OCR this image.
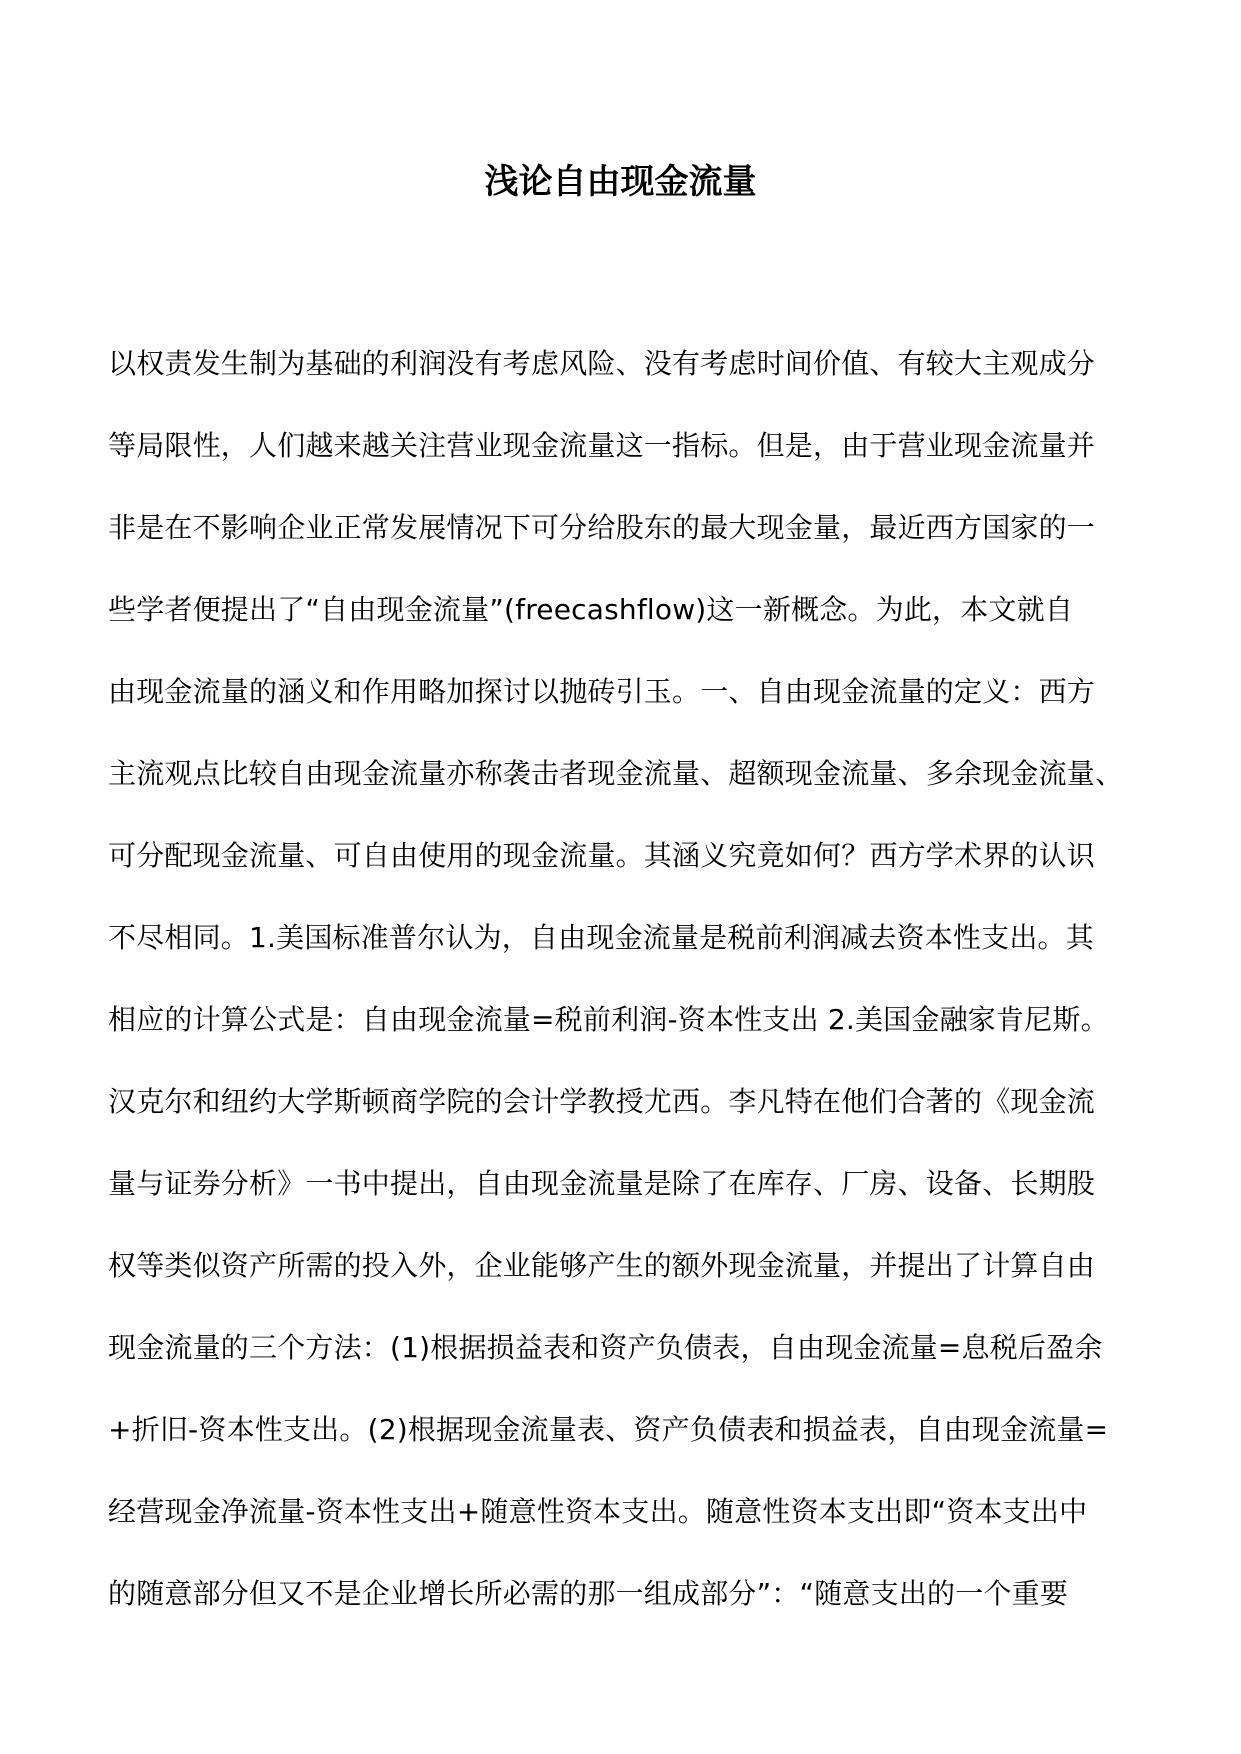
浅论自由现金流量
以权责发生制为基础的利润没有考虑风险、没有考虑时间价值、有较大主观成分
等局限性，人们越来越关注营业现金流量这一指标。但是，由于营业现金流量并
非是在不影响企业正常发展情况下可分给股东的最大现金量，最近西方国家的一
些学者便提出了“自由现金流量”(freecashflow)这一新概念。为此，本文就自
由现金流量的涵义和作用略加探讨以抛砖引玉。一、自由现金流量的定义：西方
主流观点比较自由现金流量亦称袭击者现金流量、超额现金流量、多余现金流量、
可分配现金流量、可自由使用的现金流量。其涵义究竟如何？西方学术界的认识
不尽相同。1.美国标准普尔认为，自由现金流量是税前利润减去资本性支出。其
相应的计算公式是：自由现金流量=税前利润-资本性支出 2.美国金融家肯尼斯。
汉克尔和纽约大学斯顿商学院的会计学教授尤西。李凡特在他们合著的《现金流
量与证券分析》一书中提出，自由现金流量是除了在库存、厂房、设备、长期股
权等类似资产所需的投入外，企业能够产生的额外现金流量，并提出了计算自由
现金流量的三个方法：(1)根据损益表和资产负债表，自由现金流量=息税后盈余
+折旧-资本性支出。(2)根据现金流量表、资产负债表和损益表，自由现金流量=
经营现金净流量-资本性支出+随意性资本支出。随意性资本支出即“资本支出中
的随意部分但又不是企业增长所必需的那一组成部分”：“随意支出的一个重要
